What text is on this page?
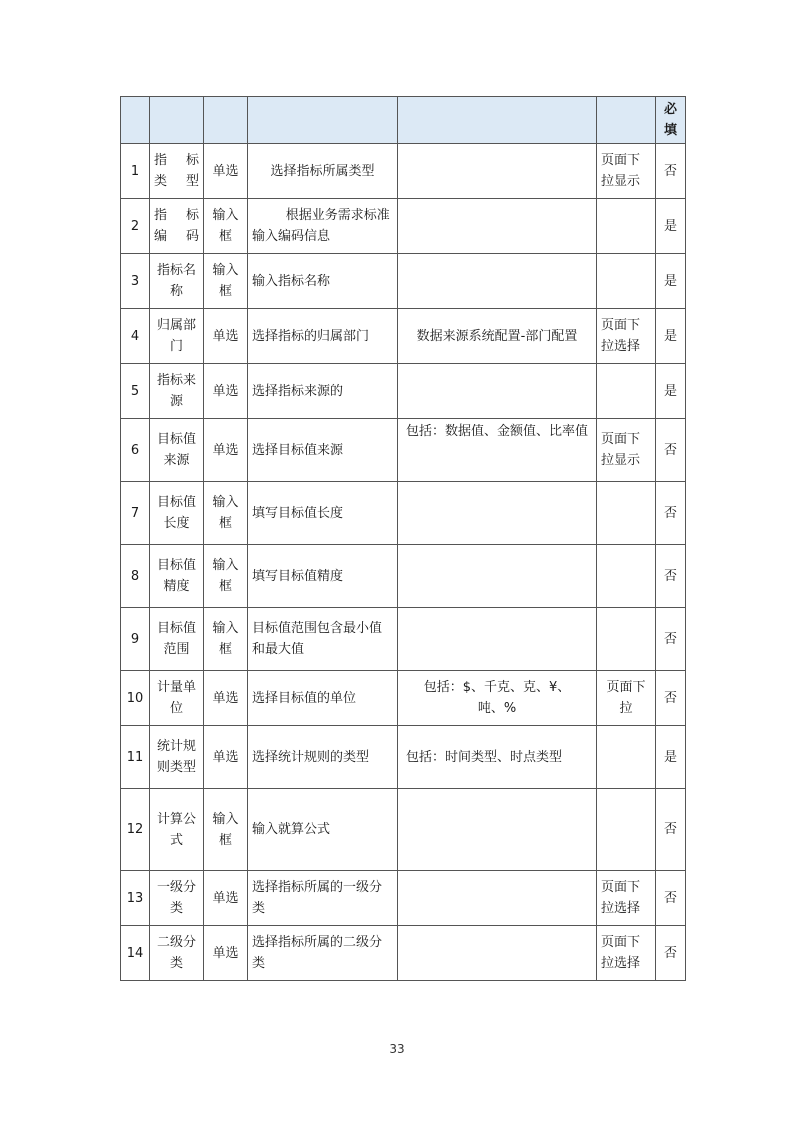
						必填
1	指　标 类型	单选	选择指标所属类型		页面下拉显示	否
2	指　标 编码	输入框	根据业务需求标准输入编码信息			是
3	指标名称	输入框	输入指标名称			是
4	归属部门	单选	选择指标的归属部门	数据来源系统配置-部门配置	页面下拉选择	是
5	指标来源	单选	选择指标来源的			是
6	目标值来源	单选	选择目标值来源	包括：数据值、金额值、比率值	页面下拉显示	否
7	目标值长度	输入框	填写目标值长度			否
8	目标值精度	输入框	填写目标值精度			否
9	目标值范围	输入框	目标值范围包含最小值和最大值			否
10	计量单位	单选	选择目标值的单位	包括：$、千克、克、¥、吨、%	页面下拉	否
11	统计规则类型	单选	选择统计规则的类型	包括：时间类型、时点类型		是
12	计算公式	输入框	输入就算公式			否
13	一级分类	单选	选择指标所属的一级分类		页面下拉选择	否
14	二级分类	单选	选择指标所属的二级分类		页面下拉选择	否
33
